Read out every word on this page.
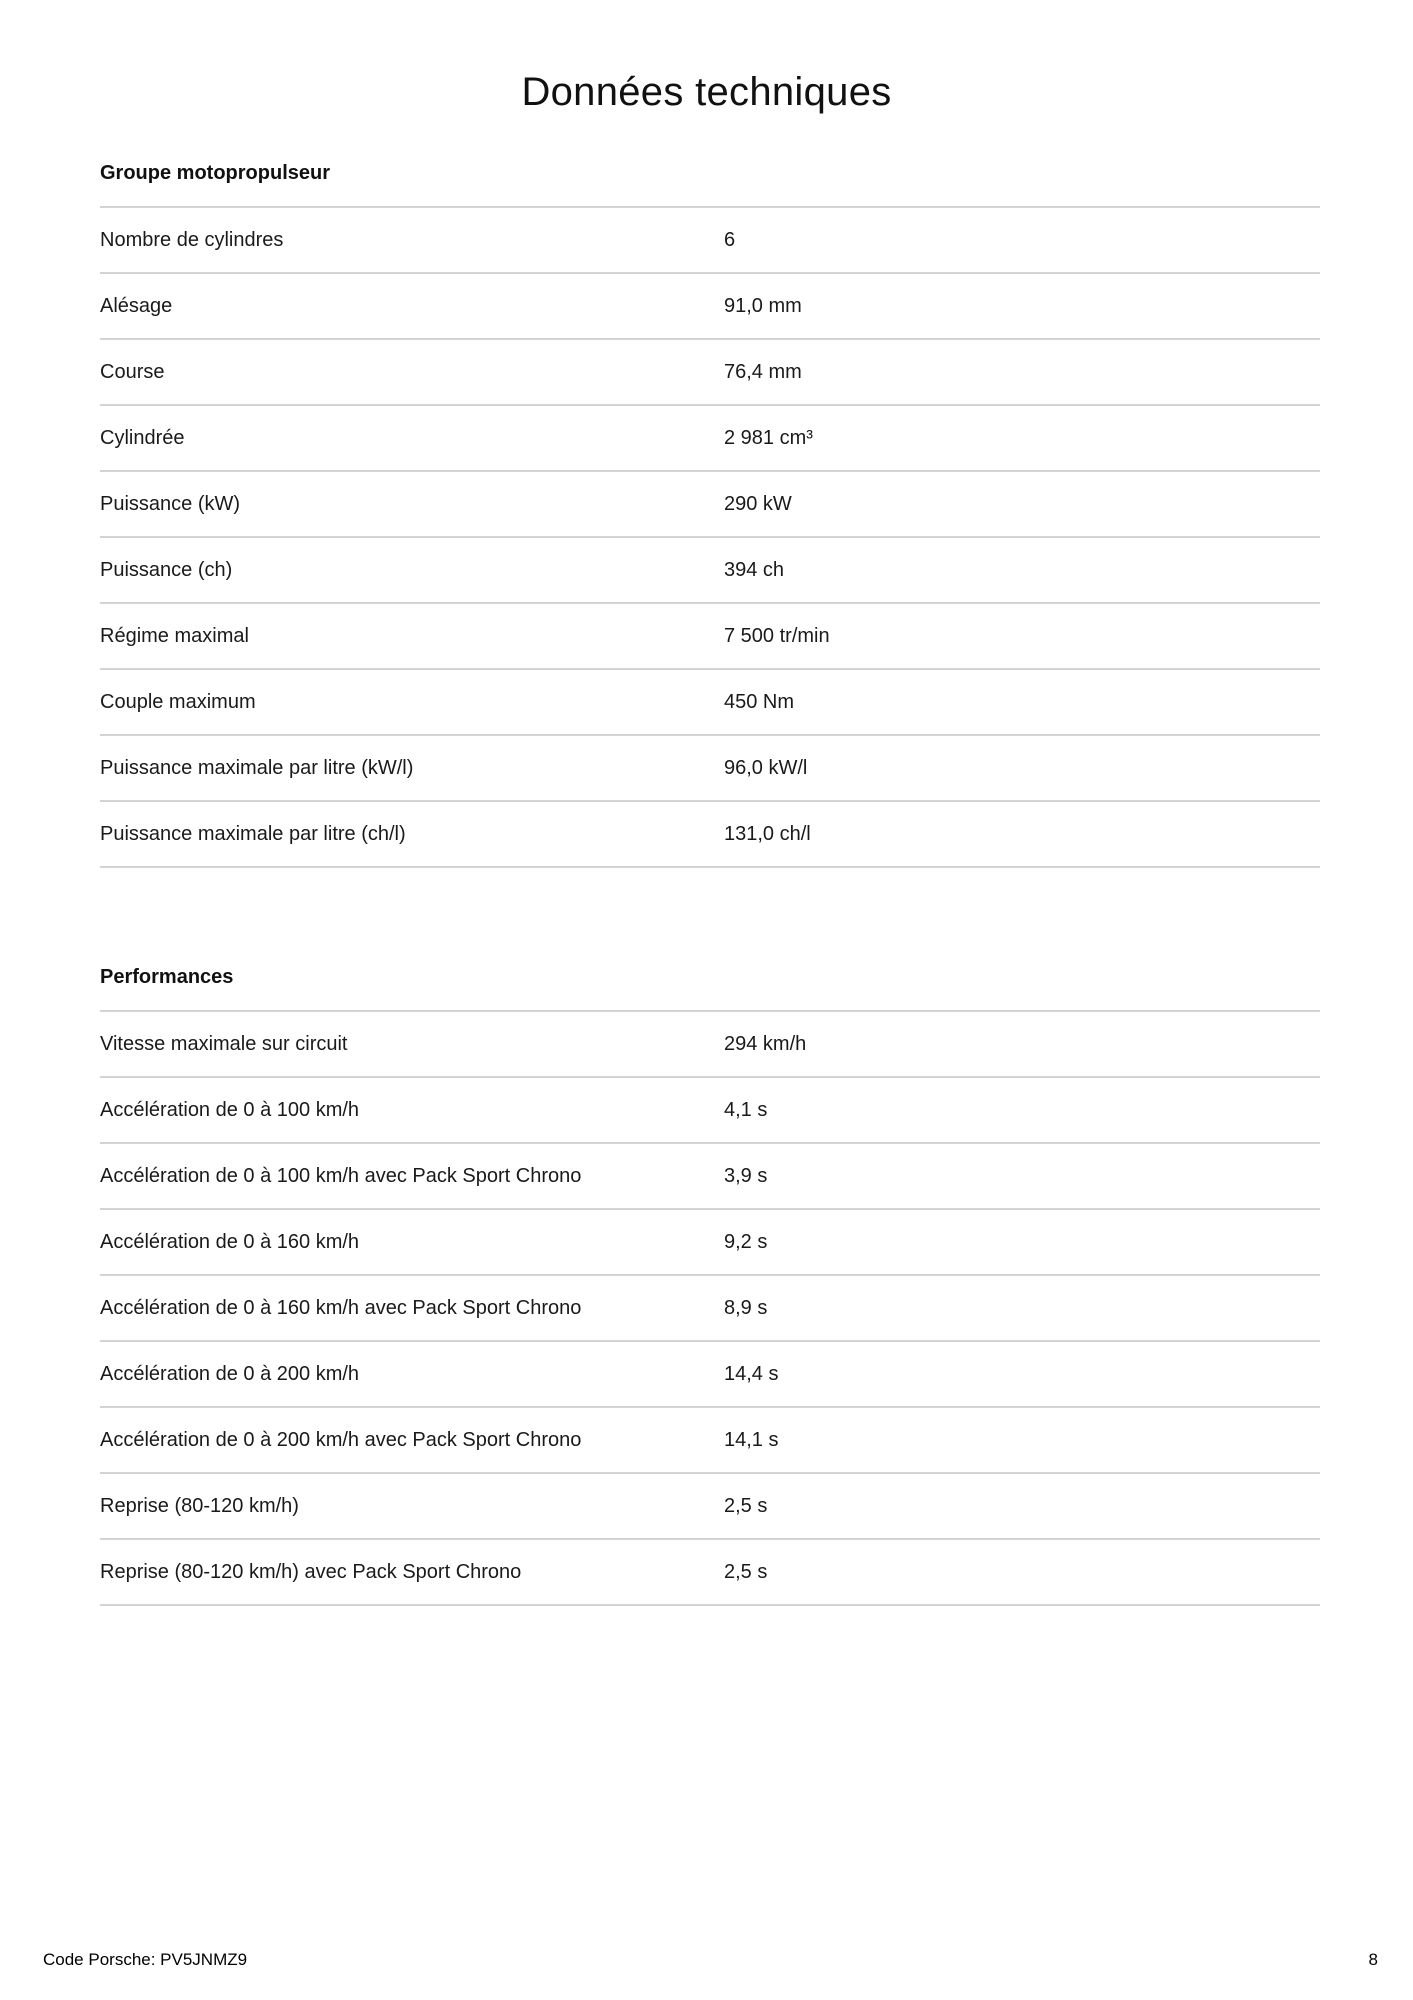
Données techniques
Groupe motopropulseur
Nombre de cylindres	6
Alésage	91,0 mm
Course	76,4 mm
Cylindrée	2 981 cm³
Puissance (kW)	290 kW
Puissance (ch)	394 ch
Régime maximal	7 500 tr/min
Couple maximum	450 Nm
Puissance maximale par litre (kW/l)	96,0 kW/l
Puissance maximale par litre (ch/l)	131,0 ch/l
Performances
Vitesse maximale sur circuit	294 km/h
Accélération de 0 à 100 km/h	4,1 s
Accélération de 0 à 100 km/h avec Pack Sport Chrono	3,9 s
Accélération de 0 à 160 km/h	9,2 s
Accélération de 0 à 160 km/h avec Pack Sport Chrono	8,9 s
Accélération de 0 à 200 km/h	14,4 s
Accélération de 0 à 200 km/h avec Pack Sport Chrono	14,1 s
Reprise (80-120 km/h)	2,5 s
Reprise (80-120 km/h) avec Pack Sport Chrono	2,5 s
Code Porsche: PV5JNMZ9	8
